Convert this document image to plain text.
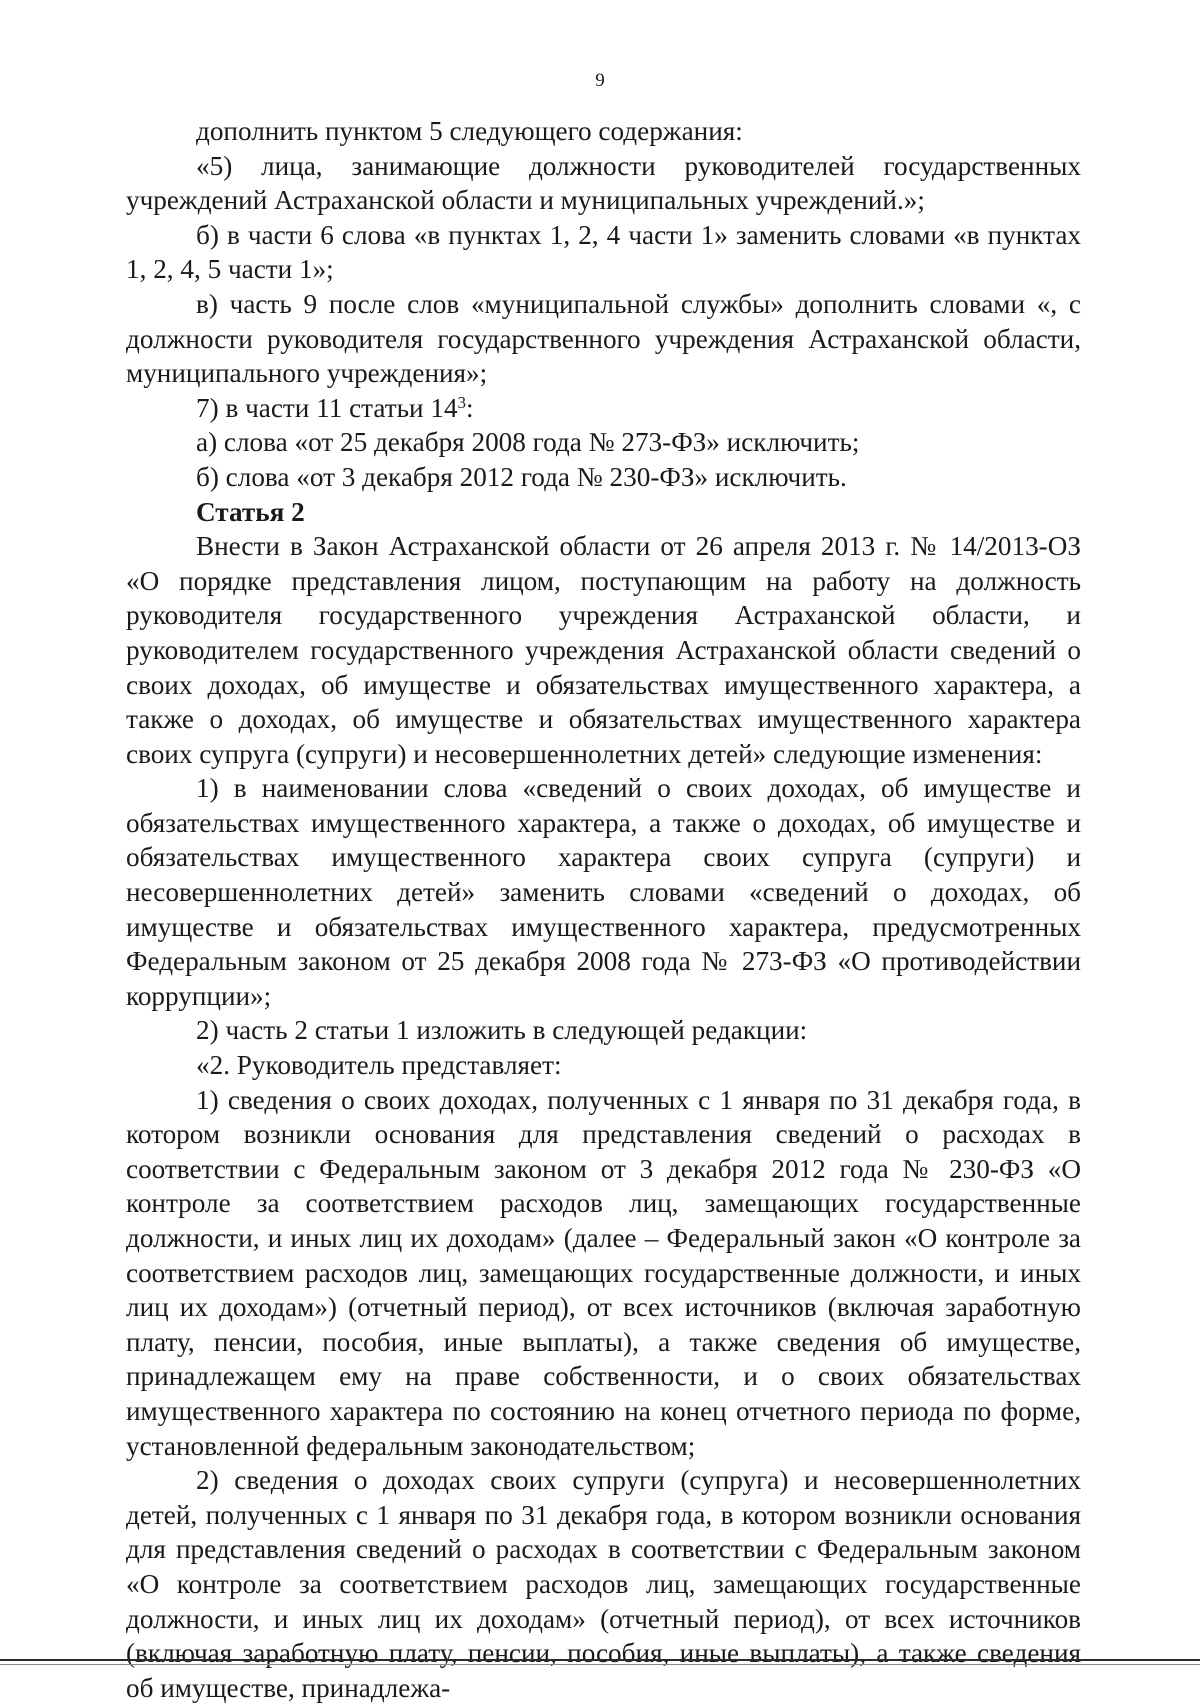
9

дополнить пунктом 5 следующего содержания:

«5) лица, занимающие должности руководителей государственных учреждений Астраханской области и муниципальных учреждений.»;

б) в части 6 слова «в пунктах 1, 2, 4 части 1» заменить словами «в пунктах 1, 2, 4, 5 части 1»;

в) часть 9 после слов «муниципальной службы» дополнить словами «, с должности руководителя государственного учреждения Астраханской области, муниципального учреждения»;

7) в части 11 статьи $14^3$:

а) слова «от 25 декабря 2008 года № 273-ФЗ» исключить;

б) слова «от 3 декабря 2012 года № 230-ФЗ» исключить.

Статья 2

Внести в Закон Астраханской области от 26 апреля 2013 г. № 14/2013-ОЗ «О порядке представления лицом, поступающим на работу на должность руководителя государственного учреждения Астраханской области, и руководителем государственного учреждения Астраханской области сведений о своих доходах, об имуществе и обязательствах имущественного характера, а также о доходах, об имуществе и обязательствах имущественного характера своих супруга (супруги) и несовершеннолетних детей» следующие изменения:

1) в наименовании слова «сведений о своих доходах, об имуществе и обязательствах имущественного характера, а также о доходах, об имуществе и обязательствах имущественного характера своих супруга (супруги) и несовершеннолетних детей» заменить словами «сведений о доходах, об имуществе и обязательствах имущественного характера, предусмотренных Федеральным законом от 25 декабря 2008 года № 273-ФЗ «О противодействии коррупции»;

2) часть 2 статьи 1 изложить в следующей редакции:

«2. Руководитель представляет:

1) сведения о своих доходах, полученных с 1 января по 31 декабря года, в котором возникли основания для представления сведений о расходах в соответствии с Федеральным законом от 3 декабря 2012 года № 230-ФЗ «О контроле за соответствием расходов лиц, замещающих государственные должности, и иных лиц их доходам» (далее – Федеральный закон «О контроле за соответствием расходов лиц, замещающих государственные должности, и иных лиц их доходам») (отчетный период), от всех источников (включая заработную плату, пенсии, пособия, иные выплаты), а также сведения об имуществе, принадлежащем ему на праве собственности, и о своих обязательствах имущественного характера по состоянию на конец отчетного периода по форме, установленной федеральным законодательством;

2) сведения о доходах своих супруги (супруга) и несовершеннолетних детей, полученных с 1 января по 31 декабря года, в котором возникли основания для представления сведений о расходах в соответствии с Федеральным законом «О контроле за соответствием расходов лиц, замещающих государственные должности, и иных лиц их доходам» (отчетный период), от всех источников (включая заработную плату, пенсии, пособия, иные выплаты), а также сведения об имуществе, принадлежа-
